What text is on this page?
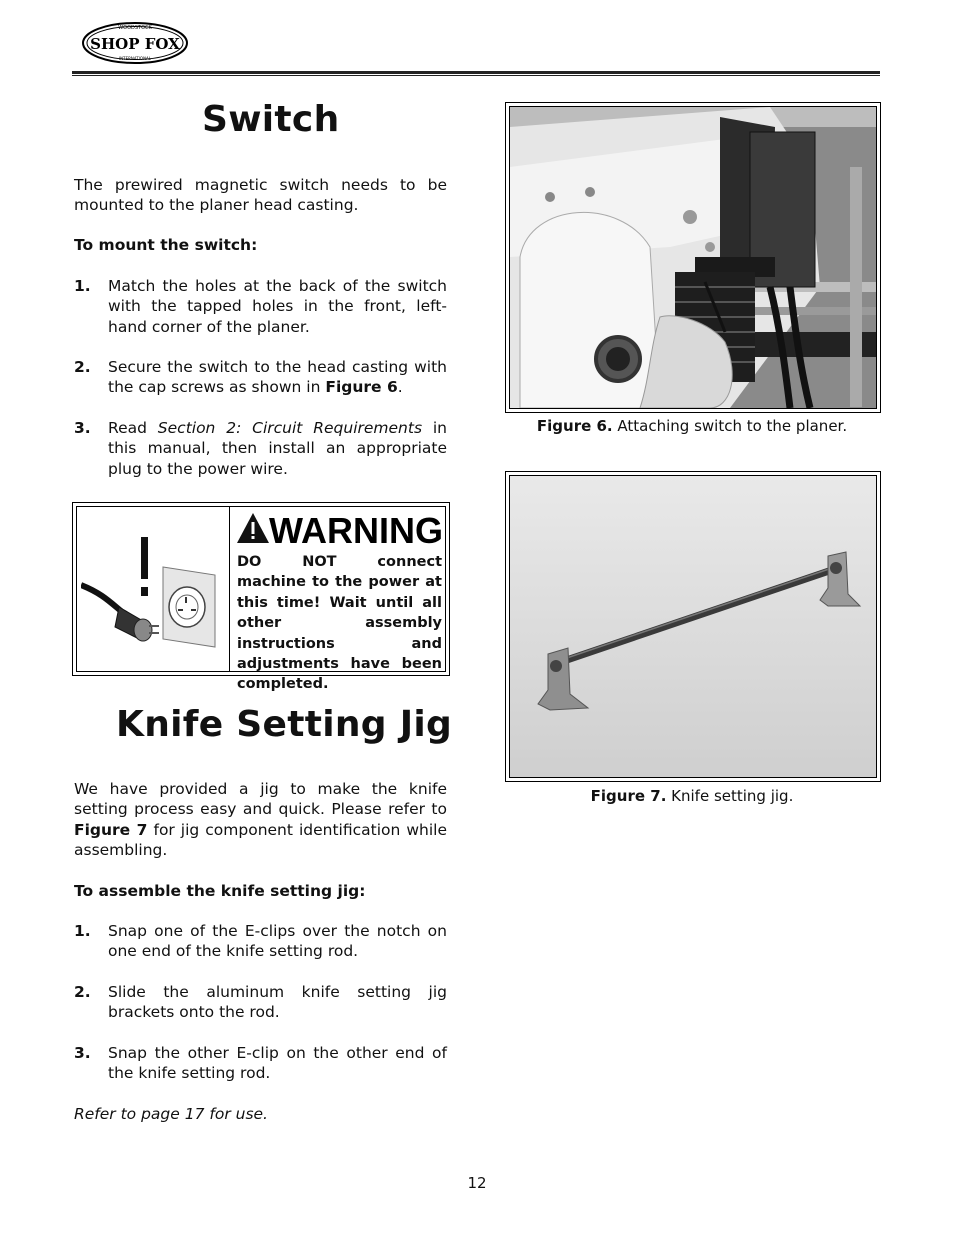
WOODSTOCK
SHOP FOX
INTERNATIONAL
Switch
The prewired magnetic switch needs to be mounted to the planer head casting.
To mount the switch:
1. Match the holes at the back of the switch with the tapped holes in the front, left-hand corner of the planer.
2. Secure the switch to the head casting with the cap screws as shown in Figure 6.
3. Read Section 2: Circuit Requirements in this manual, then install an appropriate plug to the power wire.
WARNING
DO NOT connect machine to the power at this time! Wait until all other assembly instructions and adjustments have been completed.
Knife Setting Jig
We have provided a jig to make the knife setting process easy and quick. Please refer to Figure 7 for jig component identification while assembling.
To assemble the knife setting jig:
1. Snap one of the E-clips over the notch on one end of the knife setting rod.
2. Slide the aluminum knife setting jig brackets onto the rod.
3. Snap the other E-clip on the other end of the knife setting rod.
Refer to page 17 for use.
Figure 6. Attaching switch to the planer.
Figure 7. Knife setting jig.
12
